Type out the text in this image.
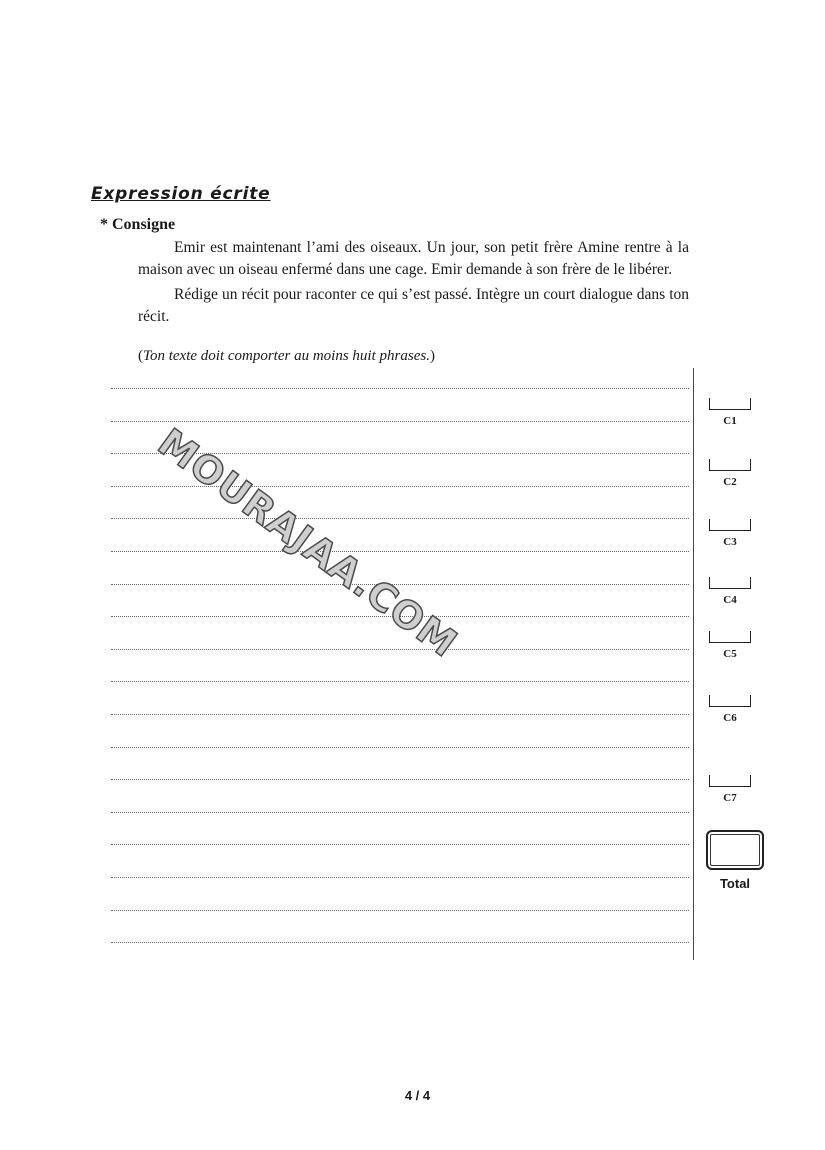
Expression écrite
* Consigne

Emir est maintenant l’ami des oiseaux. Un jour, son petit frère Amine rentre à la maison avec un oiseau enfermé dans une cage. Emir demande à son frère de le libérer.

Rédige un récit pour raconter ce qui s’est passé. Intègre un court dialogue dans ton récit.

(Ton texte doit comporter au moins huit phrases.)
C1
C2
C3
C4
C5
C6
C7
Total
MOURAJAA.COM
4 / 4
